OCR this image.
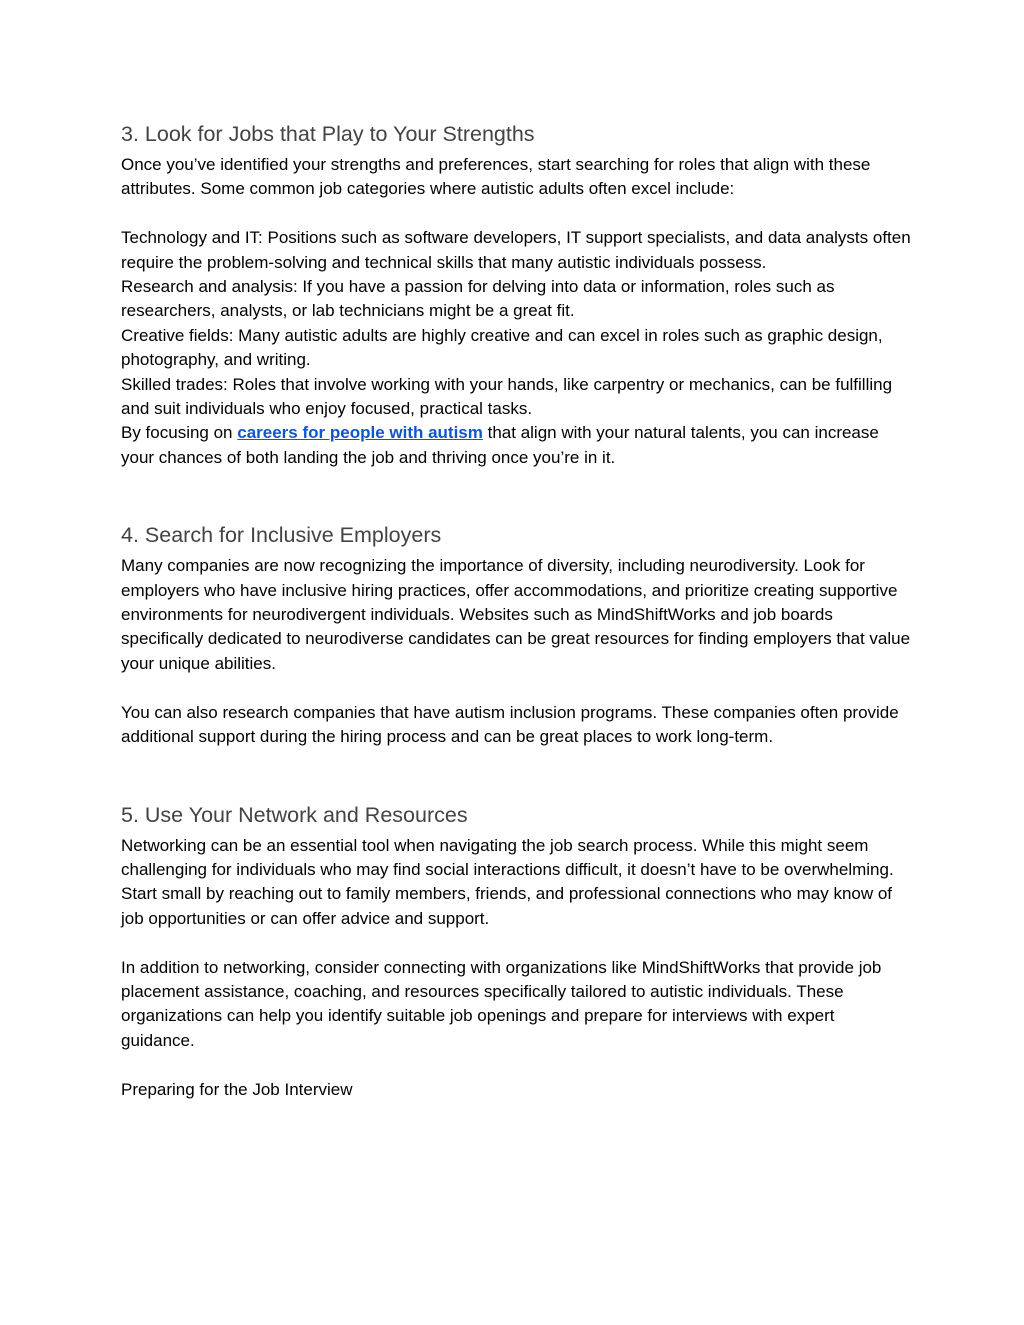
3. Look for Jobs that Play to Your Strengths

Once you’ve identified your strengths and preferences, start searching for roles that align with these attributes. Some common job categories where autistic adults often excel include:

Technology and IT: Positions such as software developers, IT support specialists, and data analysts often require the problem-solving and technical skills that many autistic individuals possess.

Research and analysis: If you have a passion for delving into data or information, roles such as researchers, analysts, or lab technicians might be a great fit.

Creative fields: Many autistic adults are highly creative and can excel in roles such as graphic design, photography, and writing.

Skilled trades: Roles that involve working with your hands, like carpentry or mechanics, can be fulfilling and suit individuals who enjoy focused, practical tasks.

By focusing on careers for people with autism that align with your natural talents, you can increase your chances of both landing the job and thriving once you’re in it.

4. Search for Inclusive Employers

Many companies are now recognizing the importance of diversity, including neurodiversity. Look for employers who have inclusive hiring practices, offer accommodations, and prioritize creating supportive environments for neurodivergent individuals. Websites such as MindShiftWorks and job boards specifically dedicated to neurodiverse candidates can be great resources for finding employers that value your unique abilities.

You can also research companies that have autism inclusion programs. These companies often provide additional support during the hiring process and can be great places to work long-term.

5. Use Your Network and Resources

Networking can be an essential tool when navigating the job search process. While this might seem challenging for individuals who may find social interactions difficult, it doesn’t have to be overwhelming. Start small by reaching out to family members, friends, and professional connections who may know of job opportunities or can offer advice and support.

In addition to networking, consider connecting with organizations like MindShiftWorks that provide job placement assistance, coaching, and resources specifically tailored to autistic individuals. These organizations can help you identify suitable job openings and prepare for interviews with expert guidance.

Preparing for the Job Interview
